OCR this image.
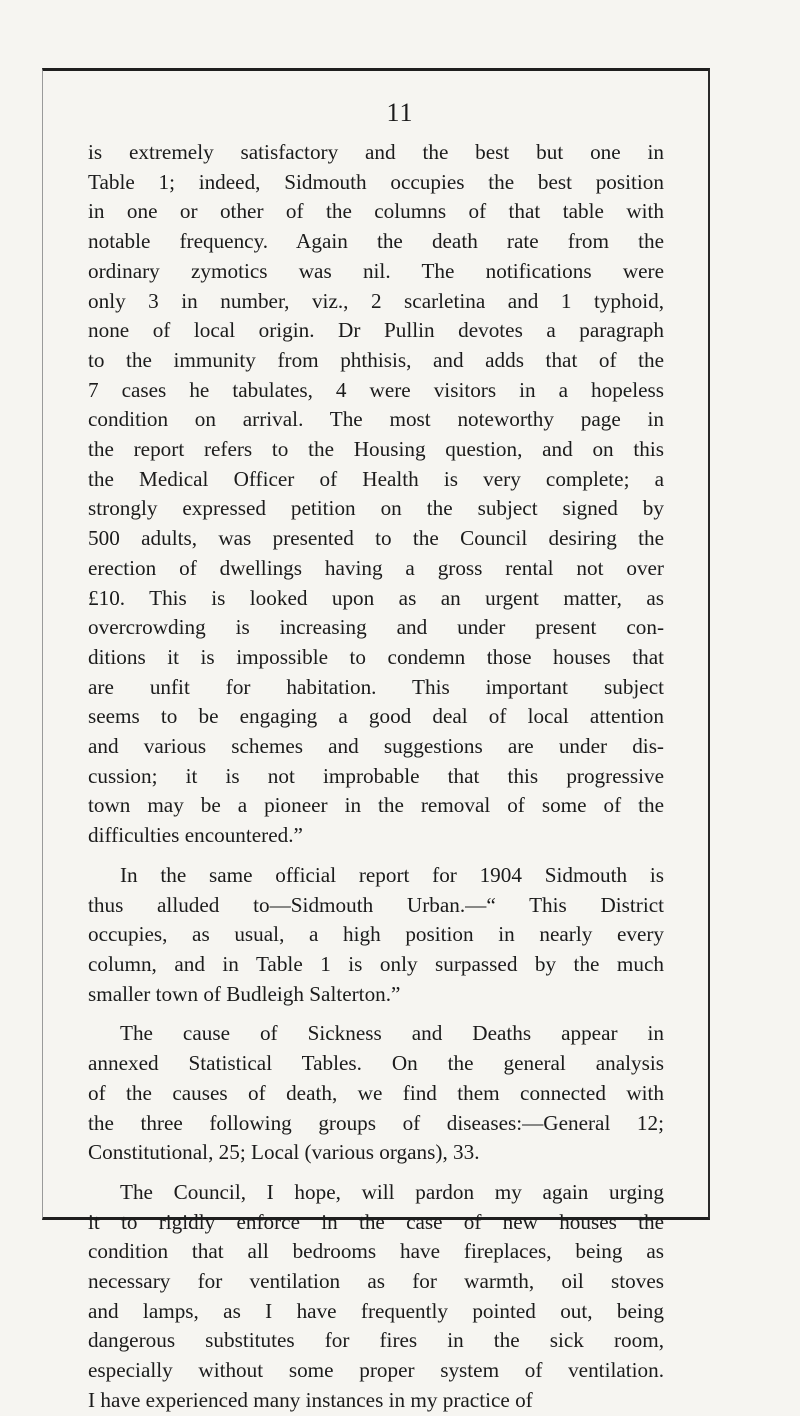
11

is extremely satisfactory and the best but one in
Table 1; indeed, Sidmouth occupies the best position
in one or other of the columns of that table with
notable frequency. Again the death rate from the
ordinary zymotics was nil. The notifications were
only 3 in number, viz., 2 scarletina and 1 typhoid,
none of local origin. Dr Pullin devotes a paragraph
to the immunity from phthisis, and adds that of the
7 cases he tabulates, 4 were visitors in a hopeless
condition on arrival. The most noteworthy page in
the report refers to the Housing question, and on this
the Medical Officer of Health is very complete; a
strongly expressed petition on the subject signed by
500 adults, was presented to the Council desiring the
erection of dwellings having a gross rental not over
£10. This is looked upon as an urgent matter, as
overcrowding is increasing and under present con-
ditions it is impossible to condemn those houses that
are unfit for habitation. This important subject
seems to be engaging a good deal of local attention
and various schemes and suggestions are under dis-
cussion; it is not improbable that this progressive
town may be a pioneer in the removal of some of the
difficulties encountered.”

In the same official report for 1904 Sidmouth is
thus alluded to—Sidmouth Urban.—“ This District
occupies, as usual, a high position in nearly every
column, and in Table 1 is only surpassed by the much
smaller town of Budleigh Salterton.”

The cause of Sickness and Deaths appear in
annexed Statistical Tables. On the general analysis
of the causes of death, we find them connected with
the three following groups of diseases:—General 12;
Constitutional, 25; Local (various organs), 33.

The Council, I hope, will pardon my again urging
it to rigidly enforce in the case of new houses the
condition that all bedrooms have fireplaces, being as
necessary for ventilation as for warmth, oil stoves
and lamps, as I have frequently pointed out, being
dangerous substitutes for fires in the sick room,
especially without some proper system of ventilation.
I have experienced many instances in my practice of
